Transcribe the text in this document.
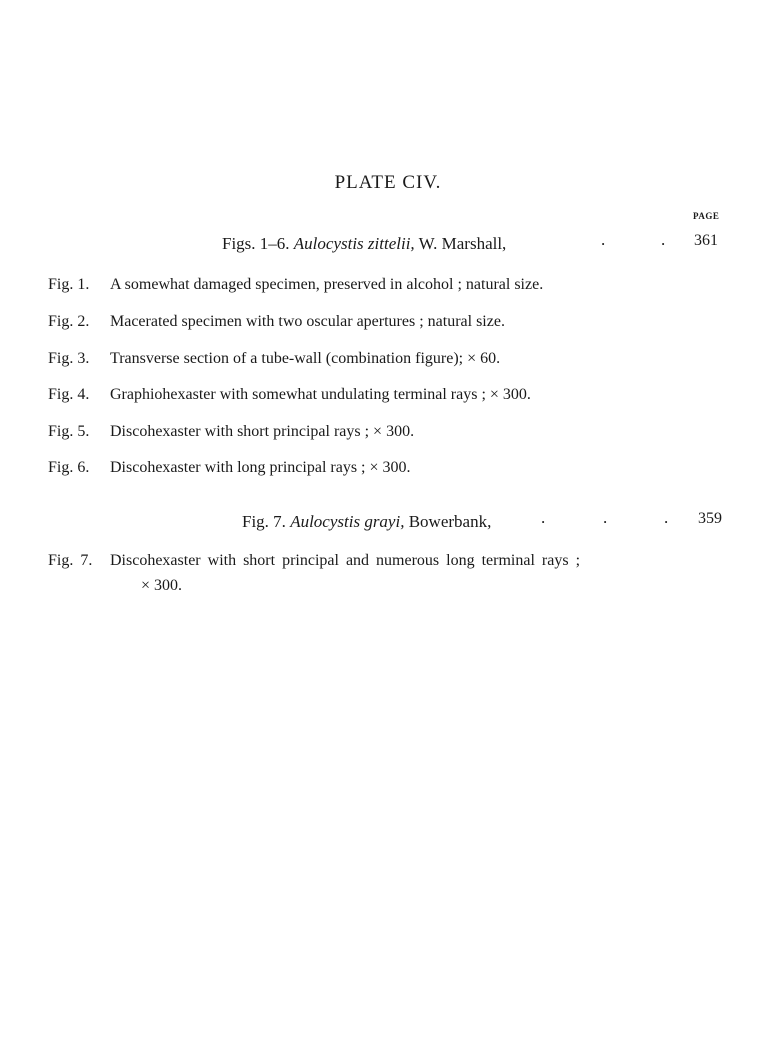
PLATE CIV.
PAGE
Figs. 1–6. Aulocystis zittelii, W. Marshall,	.	. 361
Fig. 1. A somewhat damaged specimen, preserved in alcohol ; natural size.
Fig. 2. Macerated specimen with two oscular apertures ; natural size.
Fig. 3. Transverse section of a tube-wall (combination figure); × 60.
Fig. 4. Graphiohexaster with somewhat undulating terminal rays ; × 300.
Fig. 5. Discohexaster with short principal rays ; × 300.
Fig. 6. Discohexaster with long principal rays ; × 300.
Fig. 7. Aulocystis grayi, Bowerbank,	.	.	. 359
Fig. 7. Discohexaster with short principal and numerous long terminal rays ;
× 300.
